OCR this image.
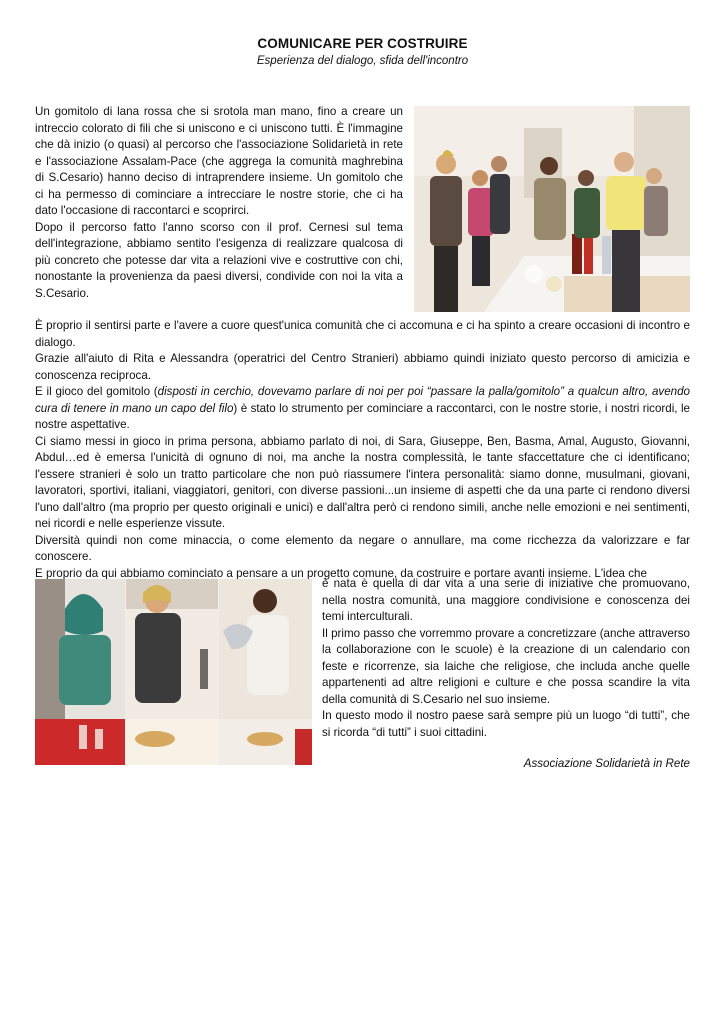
COMUNICARE PER COSTRUIRE
Esperienza del dialogo, sfida dell'incontro

Un gomitolo di lana rossa che si srotola man mano, fino a creare un intreccio colorato di fili che si uniscono e ci uniscono tutti. È l'immagine che dà inizio (o quasi) al percorso che l'associazione Solidarietà in rete e l'associazione Assalam-Pace (che aggrega la comunità maghrebina di S.Cesario) hanno deciso di intraprendere insieme. Un gomitolo che ci ha permesso di cominciare a intrecciare le nostre storie, che ci ha dato l'occasione di raccontarci e scoprirci.

Dopo il percorso fatto l'anno scorso con il prof. Cernesi sul tema dell'integrazione, abbiamo sentito l'esigenza di realizzare qualcosa di più concreto che potesse dar vita a relazioni vive e costruttive con chi, nonostante la provenienza da paesi diversi, condivide con noi la vita a S.Cesario.

È proprio il sentirsi parte e l'avere a cuore quest'unica comunità che ci accomuna e ci ha spinto a creare occasioni di incontro e dialogo.

Grazie all'aiuto di Rita e Alessandra (operatrici del Centro Stranieri) abbiamo quindi iniziato questo percorso di amicizia e conoscenza reciproca.

E il gioco del gomitolo (disposti in cerchio, dovevamo parlare di noi per poi “passare la palla/gomitolo” a qualcun altro, avendo cura di tenere in mano un capo del filo) è stato lo strumento per cominciare a raccontarci, con le nostre storie, i nostri ricordi, le nostre aspettative.

Ci siamo messi in gioco in prima persona, abbiamo parlato di noi, di Sara, Giuseppe, Ben, Basma, Amal, Augusto, Giovanni, Abdul…ed è emersa l'unicità di ognuno di noi, ma anche la nostra complessità, le tante sfaccettature che ci identificano; l'essere stranieri è solo un tratto particolare che non può riassumere l'intera personalità: siamo donne, musulmani, giovani, lavoratori, sportivi, italiani, viaggiatori, genitori, con diverse passioni...un insieme di aspetti che da una parte ci rendono diversi l'uno dall'altro (ma proprio per questo originali e unici) e dall'altra però ci rendono simili, anche nelle emozioni e nei sentimenti, nei ricordi e nelle esperienze vissute.

Diversità quindi non come minaccia, o come elemento da negare o annullare, ma come ricchezza da valorizzare e far conoscere.

E proprio da qui abbiamo cominciato a pensare a un progetto comune, da costruire e portare avanti insieme. L'idea che

è nata è quella di dar vita a una serie di iniziative che promuovano, nella nostra comunità, una maggiore condivisione e conoscenza dei temi interculturali.

Il primo passo che vorremmo provare a concretizzare (anche attraverso la collaborazione con le scuole) è la creazione di un calendario con feste e ricorrenze, sia laiche che religiose, che includa anche quelle appartenenti ad altre religioni e culture e che possa scandire la vita della comunità di S.Cesario nel suo insieme.

In questo modo il nostro paese sarà sempre più un luogo “di tutti”, che si ricorda “di tutti” i suoi cittadini.

Associazione Solidarietà in Rete
